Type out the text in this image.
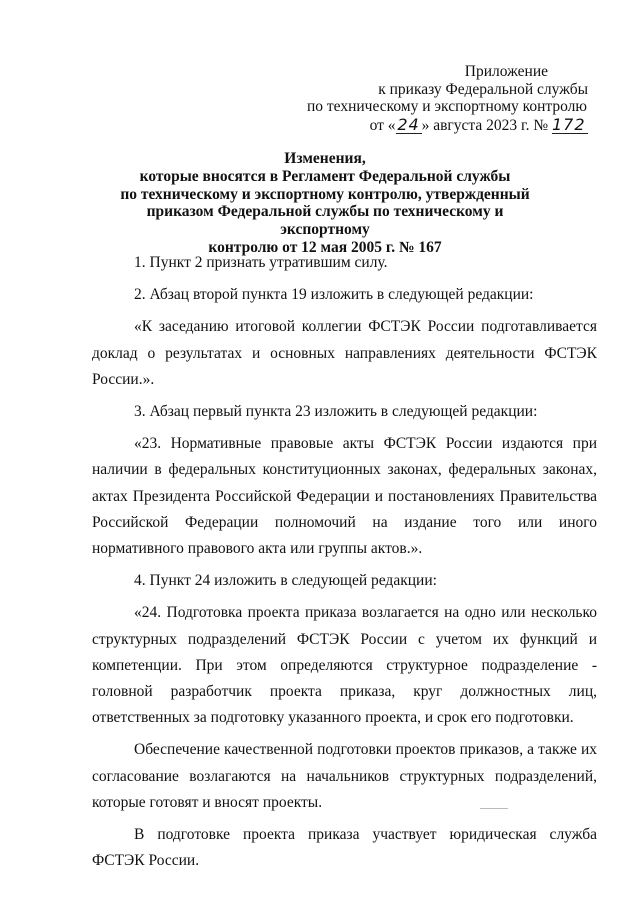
Приложение
к приказу Федеральной службы
по техническому и экспортному контролю
от « 24 » августа 2023 г. № 172
Изменения,
которые вносятся в Регламент Федеральной службы
по техническому и экспортному контролю, утвержденный
приказом Федеральной службы по техническому и экспортному
контролю от 12 мая 2005 г. № 167

1. Пункт 2 признать утратившим силу.

2. Абзац второй пункта 19 изложить в следующей редакции:

«К заседанию итоговой коллегии ФСТЭК России подготавливается доклад о результатах и основных направлениях деятельности ФСТЭК России.».

3. Абзац первый пункта 23 изложить в следующей редакции:

«23. Нормативные правовые акты ФСТЭК России издаются при наличии в федеральных конституционных законах, федеральных законах, актах Президента Российской Федерации и постановлениях Правительства Российской Федерации полномочий на издание того или иного нормативного правового акта или группы актов.».

4. Пункт 24 изложить в следующей редакции:

«24. Подготовка проекта приказа возлагается на одно или несколько структурных подразделений ФСТЭК России с учетом их функций и компетенции. При этом определяются структурное подразделение - головной разработчик проекта приказа, круг должностных лиц, ответственных за подготовку указанного проекта, и срок его подготовки.

Обеспечение качественной подготовки проектов приказов, а также их согласование возлагаются на начальников структурных подразделений, которые готовят и вносят проекты.

В подготовке проекта приказа участвует юридическая служба ФСТЭК России.
